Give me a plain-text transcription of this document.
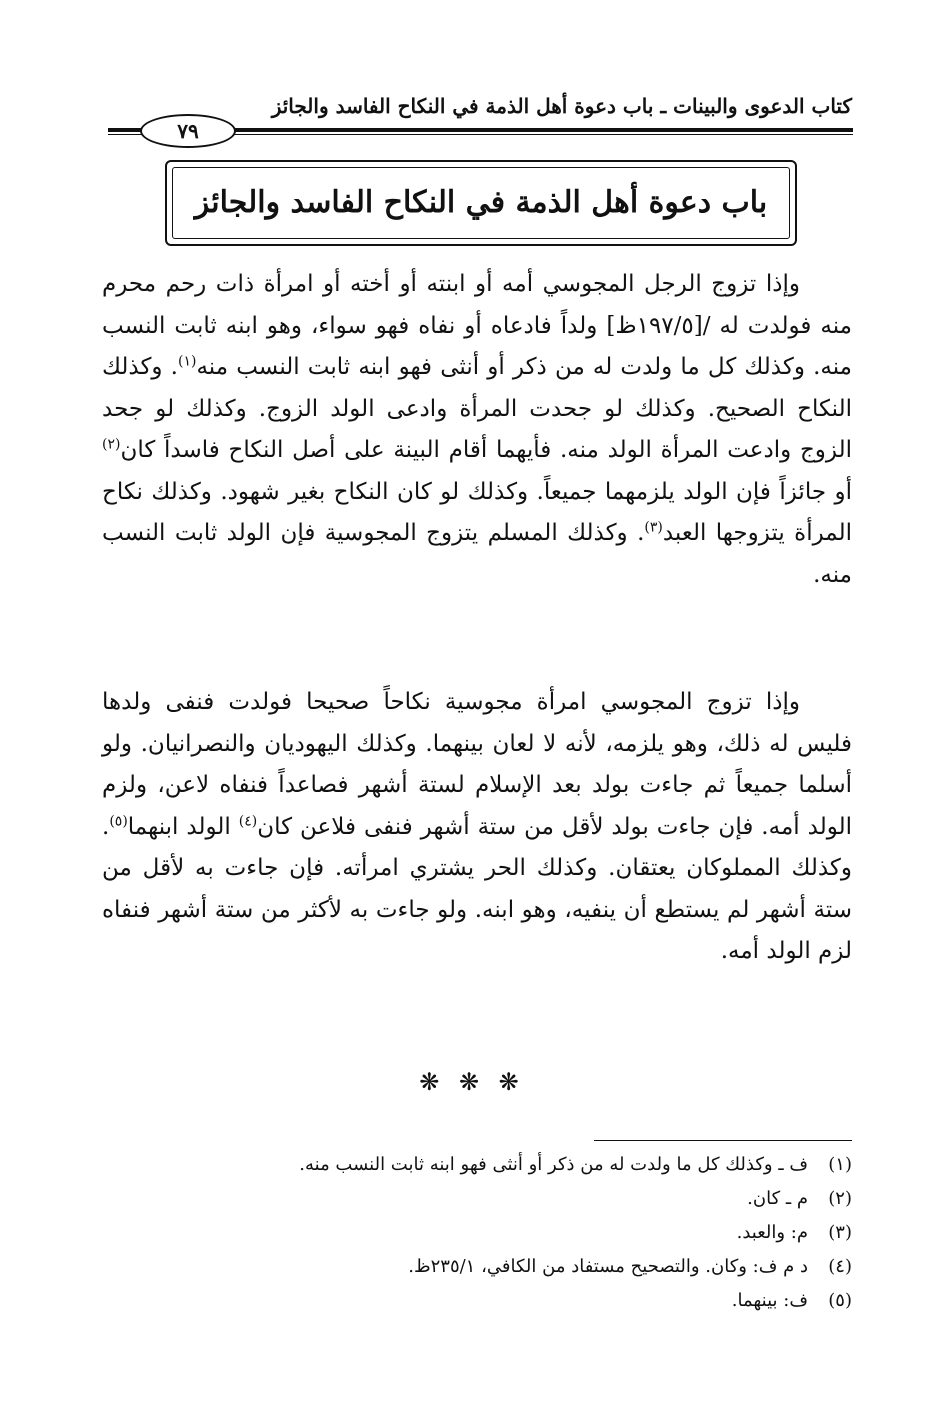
كتاب الدعوى والبينات ـ باب دعوة أهل الذمة في النكاح الفاسد والجائز
٧٩
باب دعوة أهل الذمة في النكاح الفاسد والجائز

وإذا تزوج الرجل المجوسي أمه أو ابنته أو أخته أو امرأة ذات رحم محرم منه فولدت له /[١٩٧/٥ظ] ولداً فادعاه أو نفاه فهو سواء، وهو ابنه ثابت النسب منه. وكذلك كل ما ولدت له من ذكر أو أنثى فهو ابنه ثابت النسب منه$^{(١)}$. وكذلك النكاح الصحيح. وكذلك لو جحدت المرأة وادعى الولد الزوج. وكذلك لو جحد الزوج وادعت المرأة الولد منه. فأيهما أقام البينة على أصل النكاح فاسداً كان$^{(٢)}$ أو جائزاً فإن الولد يلزمهما جميعاً. وكذلك لو كان النكاح بغير شهود. وكذلك نكاح المرأة يتزوجها العبد$^{(٣)}$. وكذلك المسلم يتزوج المجوسية فإن الولد ثابت النسب منه.

وإذا تزوج المجوسي امرأة مجوسية نكاحاً صحيحا فولدت فنفى ولدها فليس له ذلك، وهو يلزمه، لأنه لا لعان بينهما. وكذلك اليهوديان والنصرانيان. ولو أسلما جميعاً ثم جاءت بولد بعد الإسلام لستة أشهر فصاعداً فنفاه لاعن، ولزم الولد أمه. فإن جاءت بولد لأقل من ستة أشهر فنفى فلاعن كان$^{(٤)}$ الولد ابنهما$^{(٥)}$. وكذلك المملوكان يعتقان. وكذلك الحر يشتري امرأته. فإن جاءت به لأقل من ستة أشهر لم يستطع أن ينفيه، وهو ابنه. ولو جاءت به لأكثر من ستة أشهر فنفاه لزم الولد أمه.

❋ ❋ ❋
(١)ف ـ وكذلك كل ما ولدت له من ذكر أو أنثى فهو ابنه ثابت النسب منه.
(٢)م ـ كان.
(٣)م: والعبد.
(٤)د م ف: وكان. والتصحيح مستفاد من الكافي، ٢٣٥/١ظ.
(٥)ف: بينهما.
